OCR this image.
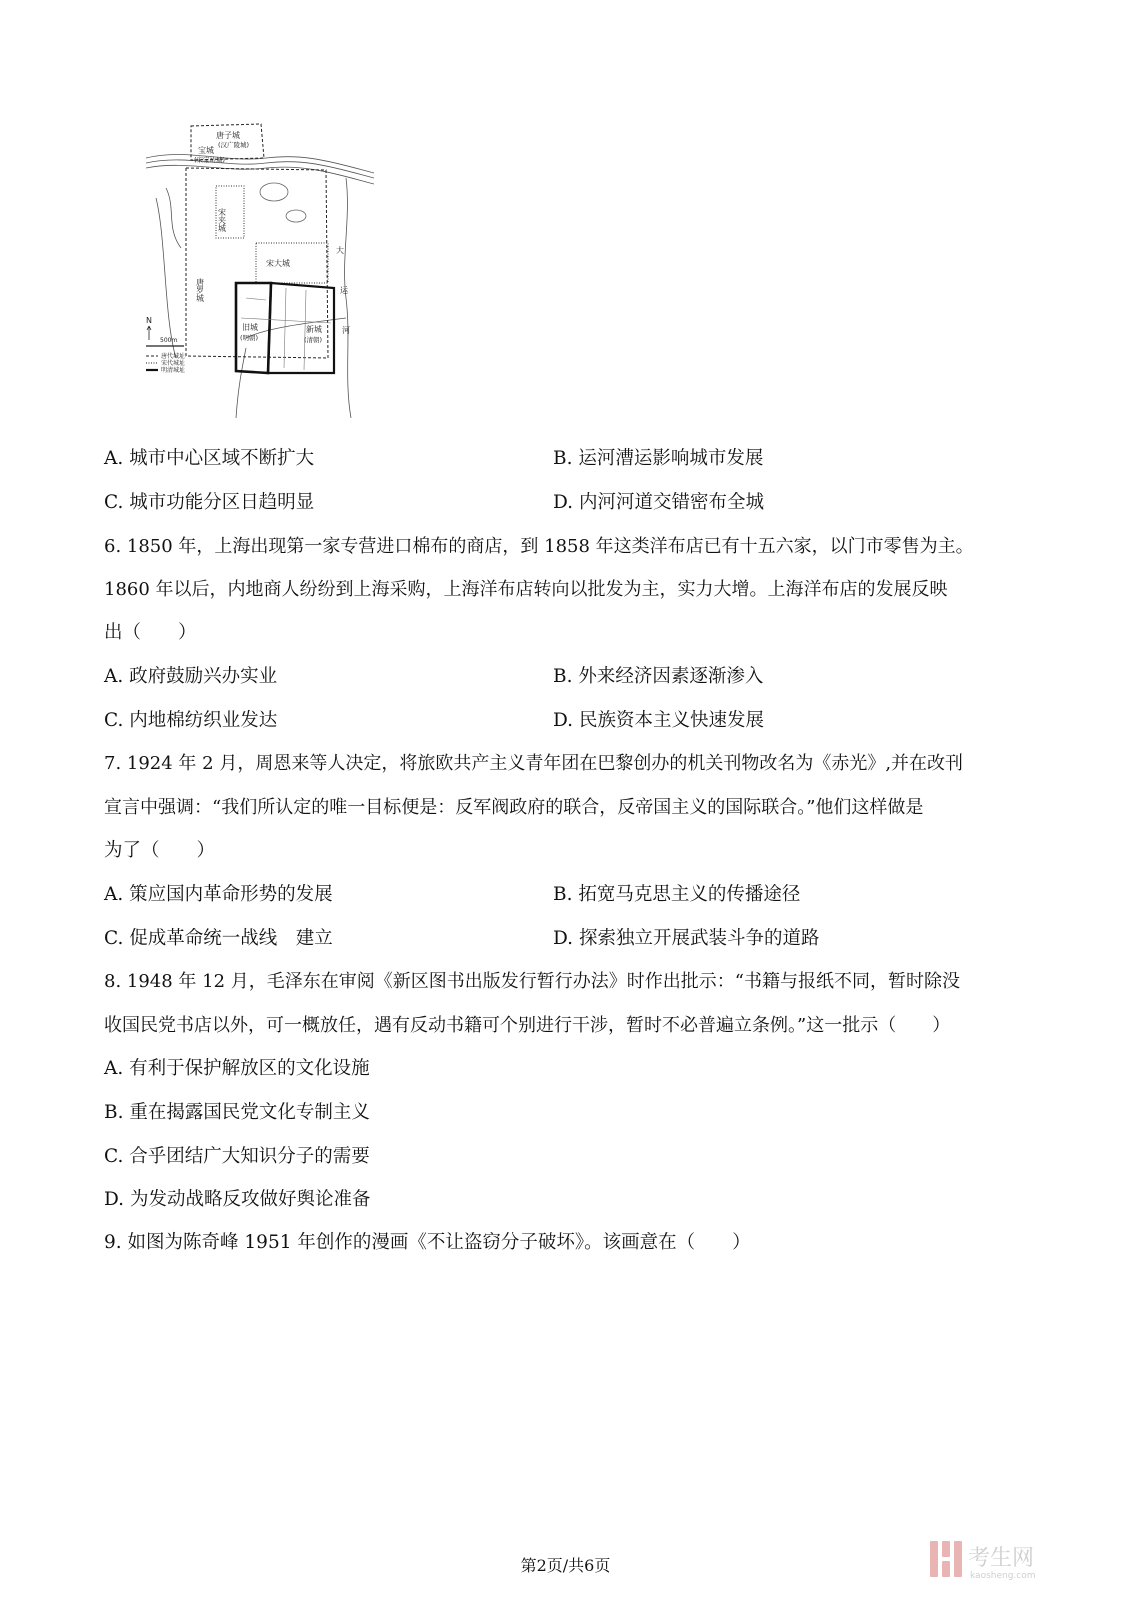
唐子城
(汉广陵城)
宝城
(宋宝祐城)
宋夹城
宋大城
唐罗城
旧城
(明朝)
新城
(清朝)
大
运
河
N
500m
唐代城址
宋代城址
明清城址
A. 城市中心区域不断扩大	B. 运河漕运影响城市发展
C. 城市功能分区日趋明显	D. 内河河道交错密布全城
6. 1850 年，上海出现第一家专营进口棉布的商店，到 1858 年这类洋布店已有十五六家，以门市零售为主。
1860 年以后，内地商人纷纷到上海采购，上海洋布店转向以批发为主，实力大增。上海洋布店的发展反映
出（　　）
A. 政府鼓励兴办实业	B. 外来经济因素逐渐渗入
C. 内地棉纺织业发达	D. 民族资本主义快速发展
7. 1924 年 2 月，周恩来等人决定，将旅欧共产主义青年团在巴黎创办的机关刊物改名为《赤光》,并在改刊
宣言中强调：“我们所认定的唯一目标便是：反军阀政府的联合，反帝国主义的国际联合。”他们这样做是
为了（　　）
A. 策应国内革命形势的发展	B. 拓宽马克思主义的传播途径
C. 促成革命统一战线　建立	D. 探索独立开展武装斗争的道路
8. 1948 年 12 月，毛泽东在审阅《新区图书出版发行暂行办法》时作出批示：“书籍与报纸不同，暂时除没
收国民党书店以外，可一概放任，遇有反动书籍可个别进行干涉，暂时不必普遍立条例。”这一批示（　　）
A. 有利于保护解放区的文化设施
B. 重在揭露国民党文化专制主义
C. 合乎团结广大知识分子的需要
D. 为发动战略反攻做好舆论准备
9. 如图为陈奇峰 1951 年创作的漫画《不让盗窃分子破坏》。该画意在（　　）
第2页/共6页	考生网
kaosheng.com
